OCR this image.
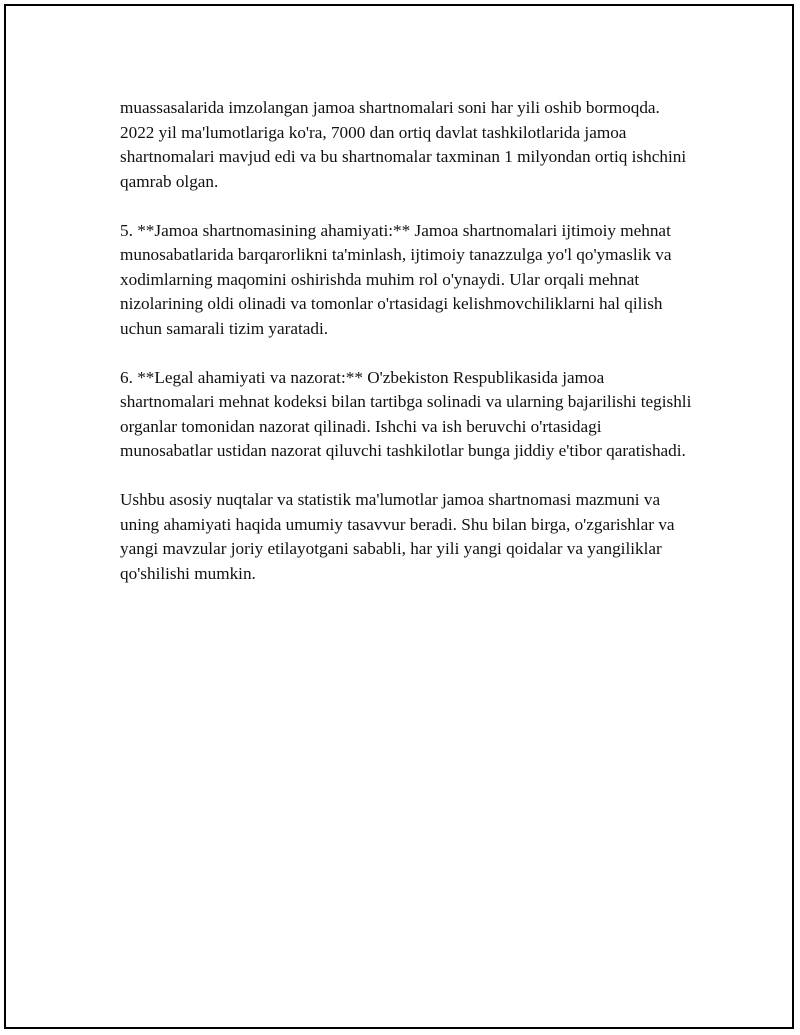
muassasalarida imzolangan jamoa shartnomalari soni har yili oshib bormoqda. 2022 yil ma'lumotlariga ko'ra, 7000 dan ortiq davlat tashkilotlarida jamoa shartnomalari mavjud edi va bu shartnomalar taxminan 1 milyondan ortiq ishchini qamrab olgan.

5. **Jamoa shartnomasining ahamiyati:** Jamoa shartnomalari ijtimoiy mehnat munosabatlarida barqarorlikni ta'minlash, ijtimoiy tanazzulga yo'l qo'ymaslik va xodimlarning maqomini oshirishda muhim rol o'ynaydi. Ular orqali mehnat nizolarining oldi olinadi va tomonlar o'rtasidagi kelishmovchiliklarni hal qilish uchun samarali tizim yaratadi.

6. **Legal ahamiyati va nazorat:** O'zbekiston Respublikasida jamoa shartnomalari mehnat kodeksi bilan tartibga solinadi va ularning bajarilishi tegishli organlar tomonidan nazorat qilinadi. Ishchi va ish beruvchi o'rtasidagi munosabatlar ustidan nazorat qiluvchi tashkilotlar bunga jiddiy e'tibor qaratishadi.

Ushbu asosiy nuqtalar va statistik ma'lumotlar jamoa shartnomasi mazmuni va uning ahamiyati haqida umumiy tasavvur beradi. Shu bilan birga, o'zgarishlar va yangi mavzular joriy etilayotgani sababli, har yili yangi qoidalar va yangiliklar qo'shilishi mumkin.
